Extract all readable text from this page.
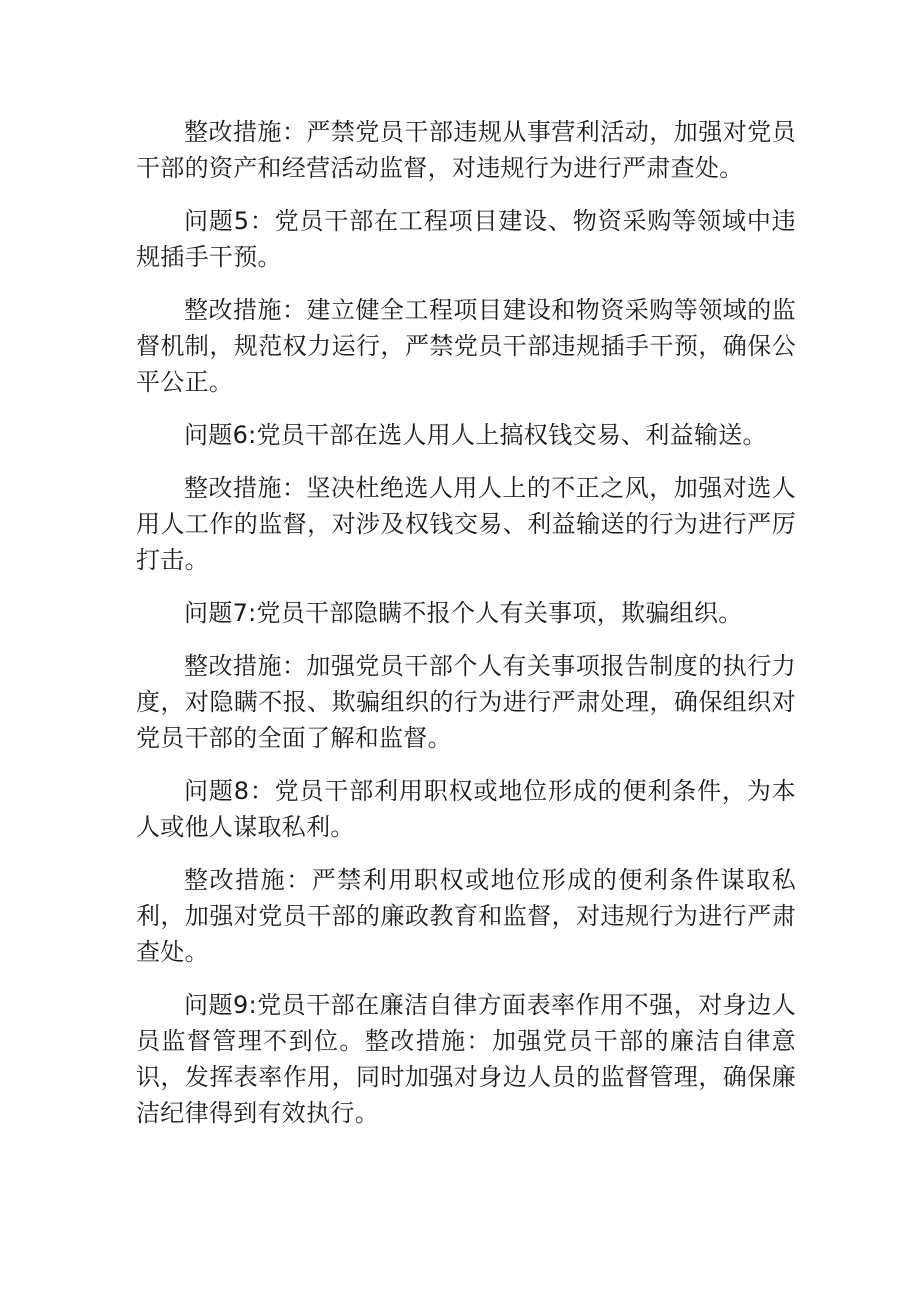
整改措施：严禁党员干部违规从事营利活动，加强对党员干部的资产和经营活动监督，对违规行为进行严肃查处。

问题5：党员干部在工程项目建设、物资采购等领域中违规插手干预。

整改措施：建立健全工程项目建设和物资采购等领域的监督机制，规范权力运行，严禁党员干部违规插手干预，确保公平公正。

问题6:党员干部在选人用人上搞权钱交易、利益输送。

整改措施：坚决杜绝选人用人上的不正之风，加强对选人用人工作的监督，对涉及权钱交易、利益输送的行为进行严厉打击。

问题7:党员干部隐瞒不报个人有关事项，欺骗组织。

整改措施：加强党员干部个人有关事项报告制度的执行力度，对隐瞒不报、欺骗组织的行为进行严肃处理，确保组织对党员干部的全面了解和监督。

问题8：党员干部利用职权或地位形成的便利条件，为本人或他人谋取私利。

整改措施：严禁利用职权或地位形成的便利条件谋取私利，加强对党员干部的廉政教育和监督，对违规行为进行严肃查处。

问题9:党员干部在廉洁自律方面表率作用不强，对身边人员监督管理不到位。整改措施：加强党员干部的廉洁自律意识，发挥表率作用，同时加强对身边人员的监督管理，确保廉洁纪律得到有效执行。
